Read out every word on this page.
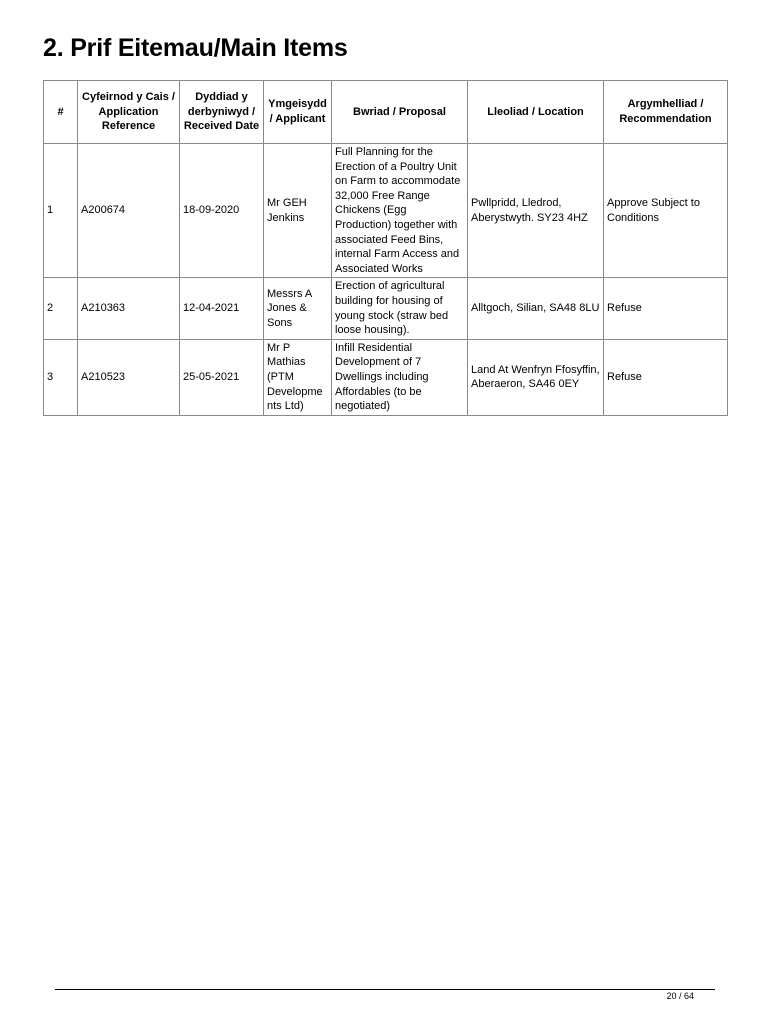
2. Prif Eitemau/Main Items
#	Cyfeirnod y Cais / Application Reference	Dyddiad y derbyniwyd / Received Date	Ymgeisydd / Applicant	Bwriad / Proposal	Lleoliad / Location	Argymhelliad / Recommendation
1	A200674	18-09-2020	Mr GEH Jenkins	Full Planning for the Erection of a Poultry Unit on Farm to accommodate 32,000 Free Range Chickens (Egg Production) together with associated Feed Bins, internal Farm Access and Associated Works	Pwllpridd, Lledrod, Aberystwyth. SY23 4HZ	Approve Subject to Conditions
2	A210363	12-04-2021	Messrs A Jones & Sons	Erection of agricultural building for housing of young stock (straw bed loose housing).	Alltgoch, Silian, SA48 8LU	Refuse
3	A210523	25-05-2021	Mr P Mathias (PTM Developme nts Ltd)	Infill Residential Development of 7 Dwellings including Affordables (to be negotiated)	Land At Wenfryn Ffosyffin, Aberaeron, SA46 0EY	Refuse
20 / 64
